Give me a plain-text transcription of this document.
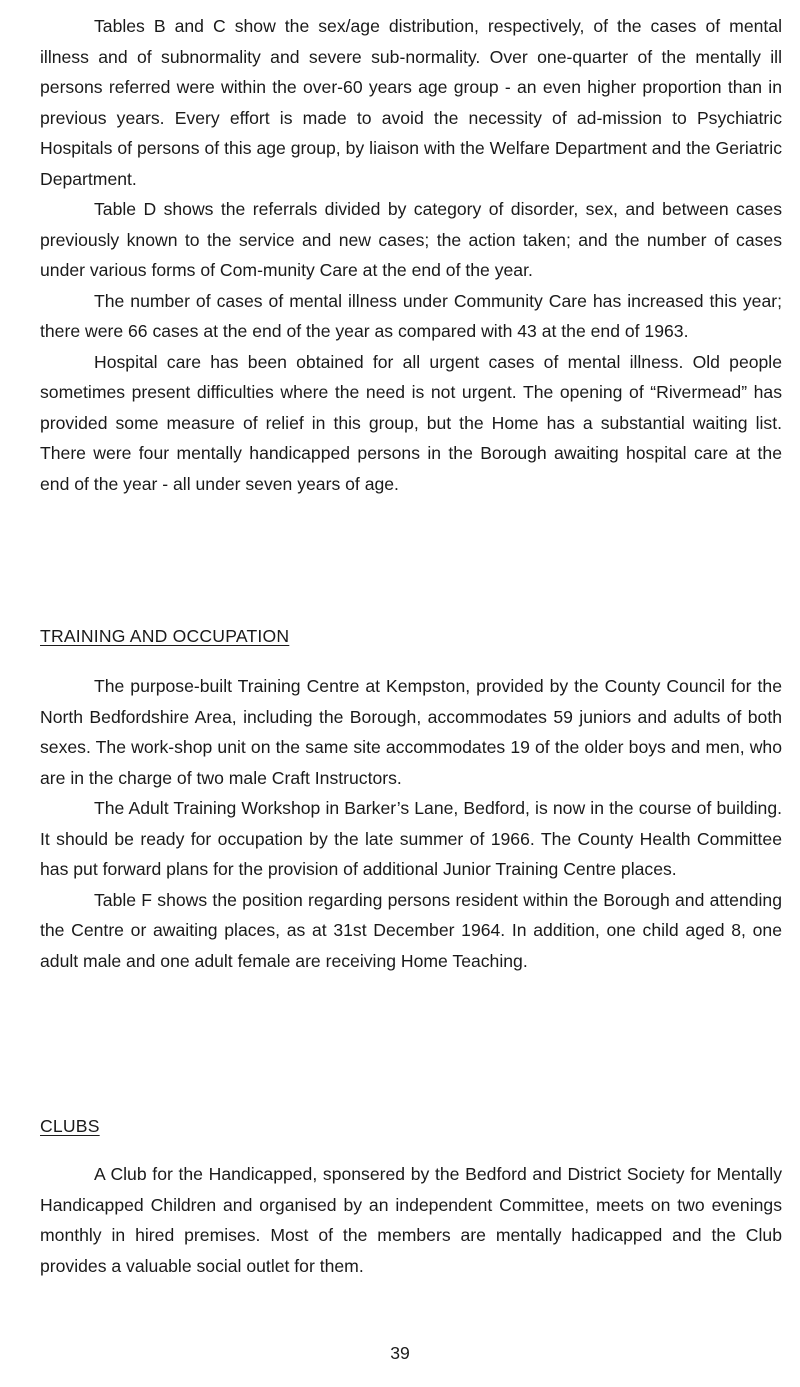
Tables B and C show the sex/age distribution, respectively, of the cases of mental illness and of subnormality and severe sub-normality. Over one-quarter of the mentally ill persons referred were within the over-60 years age group - an even higher proportion than in previous years. Every effort is made to avoid the necessity of ad-mission to Psychiatric Hospitals of persons of this age group, by liaison with the Welfare Department and the Geriatric Department.

Table D shows the referrals divided by category of disorder, sex, and between cases previously known to the service and new cases; the action taken; and the number of cases under various forms of Com-munity Care at the end of the year.

The number of cases of mental illness under Community Care has increased this year; there were 66 cases at the end of the year as compared with 43 at the end of 1963.

Hospital care has been obtained for all urgent cases of mental illness. Old people sometimes present difficulties where the need is not urgent. The opening of “Rivermead” has provided some measure of relief in this group, but the Home has a substantial waiting list. There were four mentally handicapped persons in the Borough awaiting hospital care at the end of the year - all under seven years of age.

TRAINING AND OCCUPATION

The purpose-built Training Centre at Kempston, provided by the County Council for the North Bedfordshire Area, including the Borough, accommodates 59 juniors and adults of both sexes. The work-shop unit on the same site accommodates 19 of the older boys and men, who are in the charge of two male Craft Instructors.

The Adult Training Workshop in Barker’s Lane, Bedford, is now in the course of building. It should be ready for occupation by the late summer of 1966. The County Health Committee has put forward plans for the provision of additional Junior Training Centre places.

Table F shows the position regarding persons resident within the Borough and attending the Centre or awaiting places, as at 31st December 1964. In addition, one child aged 8, one adult male and one adult female are receiving Home Teaching.

CLUBS

A Club for the Handicapped, sponsered by the Bedford and District Society for Mentally Handicapped Children and organised by an independent Committee, meets on two evenings monthly in hired premises. Most of the members are mentally hadicapped and the Club provides a valuable social outlet for them.

39
